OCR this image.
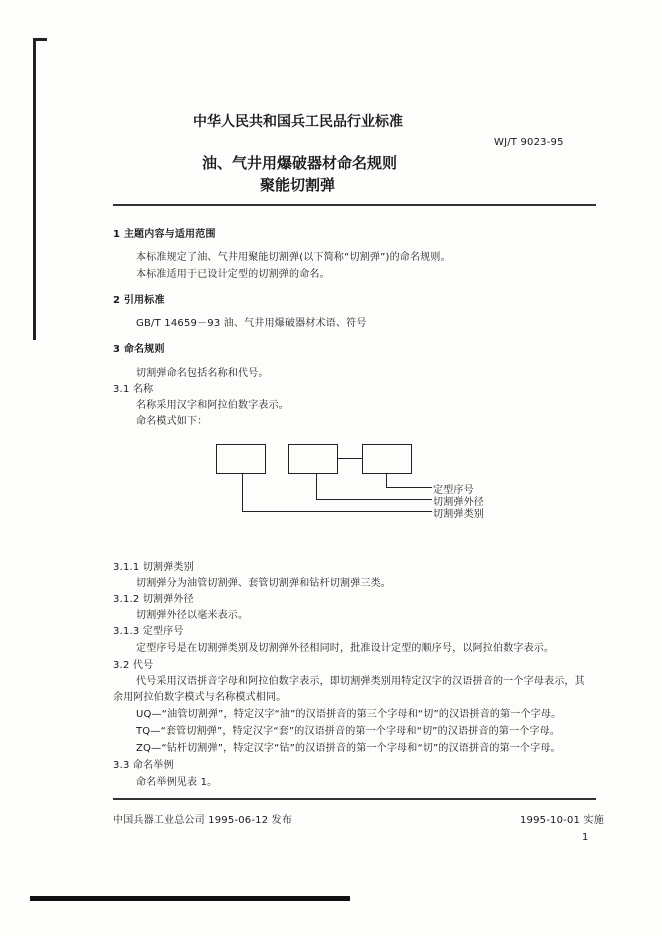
中华人民共和国兵工民品行业标准
WJ/T 9023-95
油、气井用爆破器材命名规则
聚能切割弹
1 主题内容与适用范围
本标准规定了油、气井用聚能切割弹(以下简称“切割弹”)的命名规则。
本标准适用于已设计定型的切割弹的命名。
2 引用标准
GB/T 14659－93 油、气井用爆破器材术语、符号
3 命名规则
切割弹命名包括名称和代号。
3.1 名称
名称采用汉字和阿拉伯数字表示。
命名模式如下：
定型序号
切割弹外径
切割弹类别
3.1.1 切割弹类别
切割弹分为油管切割弹、套管切割弹和钻杆切割弹三类。
3.1.2 切割弹外径
切割弹外径以毫米表示。
3.1.3 定型序号
定型序号是在切割弹类别及切割弹外径相同时，批准设计定型的顺序号，以阿拉伯数字表示。
3.2 代号
代号采用汉语拼音字母和阿拉伯数字表示，即切割弹类别用特定汉字的汉语拼音的一个字母表示，其
余用阿拉伯数字模式与名称模式相同。
UQ—“油管切割弹”，特定汉字“油”的汉语拼音的第三个字母和“切”的汉语拼音的第一个字母。
TQ—“套管切割弹”，特定汉字“套”的汉语拼音的第一个字母和“切”的汉语拼音的第一个字母。
ZQ—“钻杆切割弹”，特定汉字“钻”的汉语拼音的第一个字母和“切”的汉语拼音的第一个字母。
3.3 命名举例
命名举例见表 1。
中国兵器工业总公司 1995-06-12 发布	1995-10-01 实施
1
